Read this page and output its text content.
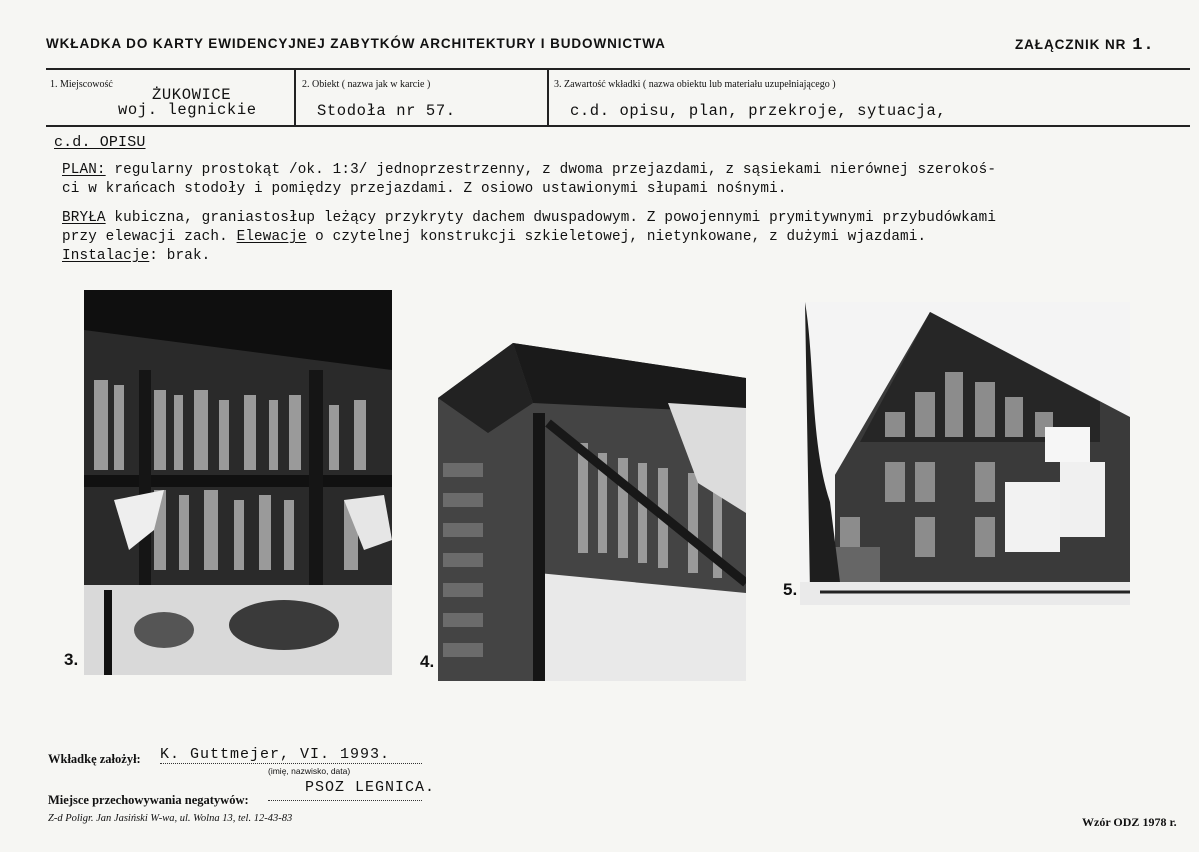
WKŁADKA DO KARTY EWIDENCYJNEJ ZABYTKÓW ARCHITEKTURY I BUDOWNICTWA	ZAŁĄCZNIK NR 1.
1. Miejscowość
ŻUKOWICE
woj. legnickie
2. Obiekt ( nazwa jak w karcie )
Stodoła nr 57.
3. Zawartość wkładki ( nazwa obiektu lub materiału uzupełniającego )
c.d. opisu, plan, przekroje, sytuacja,
c.d. OPISU
PLAN: regularny prostokąt /ok. 1:3/ jednoprzestrzenny, z dwoma przejazdami, z sąsiekami nierównej szerokoś-
ci w krańcach stodoły i pomiędzy przejazdami. Z osiowo ustawionymi słupami nośnymi.
BRYŁA kubiczna, graniastosłup leżący przykryty dachem dwuspadowym. Z powojennymi prymitywnymi przybudówkami
przy elewacji zach. Elewacje o czytelnej konstrukcji szkieletowej, nietynkowane, z dużymi wjazdami.
Instalacje: brak.
3.	4.
5.
Wkładkę założył: K. Guttmejer, VI. 1993.
(imię, nazwisko, data)
PSOZ LEGNICA.
Miejsce przechowywania negatywów:
Z-d Poligr. Jan Jasiński W-wa, ul. Wolna 13, tel. 12-43-83	Wzór ODZ 1978 r.
